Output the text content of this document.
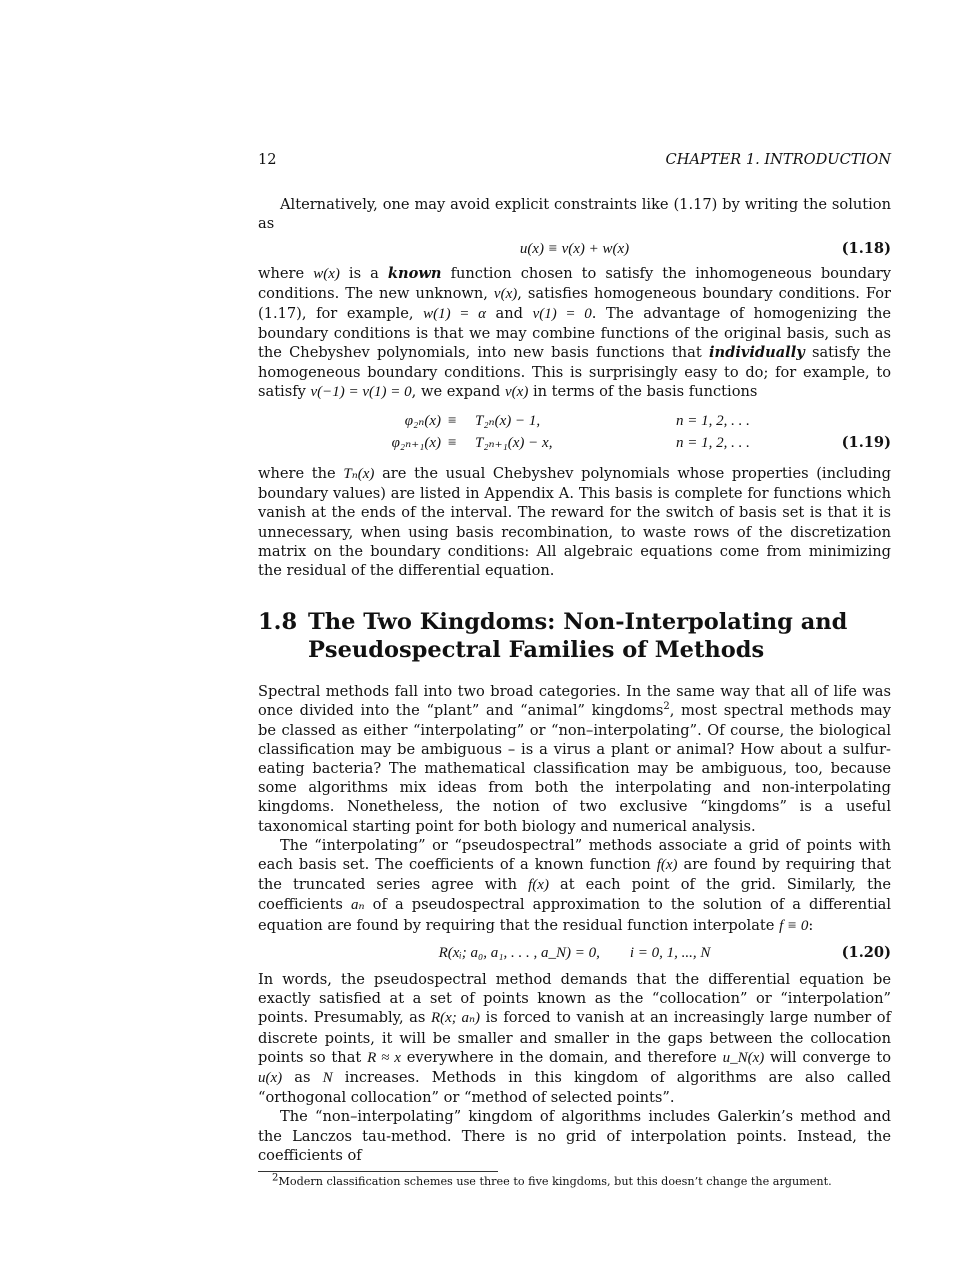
12	CHAPTER 1. INTRODUCTION

Alternatively, one may avoid explicit constraints like (1.17) by writing the solution as

u(x) ≡ v(x) + w(x)	(1.18)

where w(x) is a known function chosen to satisfy the inhomogeneous boundary conditions. The new unknown, v(x), satisfies homogeneous boundary conditions. For (1.17), for example, w(1) = α and v(1) = 0. The advantage of homogenizing the boundary conditions is that we may combine functions of the original basis, such as the Chebyshev polynomials, into new basis functions that individually satisfy the homogeneous boundary conditions. This is surprisingly easy to do; for example, to satisfy v(−1) = v(1) = 0, we expand v(x) in terms of the basis functions

φ₂ₙ(x) ≡ T₂ₙ(x) − 1,	n = 1, 2, . . .
φ₂ₙ₊₁(x) ≡ T₂ₙ₊₁(x) − x,	n = 1, 2, . . .	(1.19)

where the Tₙ(x) are the usual Chebyshev polynomials whose properties (including boundary values) are listed in Appendix A. This basis is complete for functions which vanish at the ends of the interval. The reward for the switch of basis set is that it is unnecessary, when using basis recombination, to waste rows of the discretization matrix on the boundary conditions: All algebraic equations come from minimizing the residual of the differential equation.

1.8 The Two Kingdoms: Non-Interpolating and Pseudospectral Families of Methods

Spectral methods fall into two broad categories. In the same way that all of life was once divided into the “plant” and “animal” kingdoms$^2$, most spectral methods may be classed as either “interpolating” or “non–interpolating”. Of course, the biological classification may be ambiguous – is a virus a plant or animal? How about a sulfur-eating bacteria? The mathematical classification may be ambiguous, too, because some algorithms mix ideas from both the interpolating and non-interpolating kingdoms. Nonetheless, the notion of two exclusive “kingdoms” is a useful taxonomical starting point for both biology and numerical analysis.

The “interpolating” or “pseudospectral” methods associate a grid of points with each basis set. The coefficients of a known function f(x) are found by requiring that the truncated series agree with f(x) at each point of the grid. Similarly, the coefficients aₙ of a pseudospectral approximation to the solution of a differential equation are found by requiring that the residual function interpolate f ≡ 0:

R(xᵢ; a₀, a₁, . . . , a_N) = 0,        i = 0, 1, ..., N	(1.20)

In words, the pseudospectral method demands that the differential equation be exactly satisfied at a set of points known as the “collocation” or “interpolation” points. Presumably, as R(x; aₙ) is forced to vanish at an increasingly large number of discrete points, it will be smaller and smaller in the gaps between the collocation points so that R ≈ x everywhere in the domain, and therefore u_N(x) will converge to u(x) as N increases. Methods in this kingdom of algorithms are also called “orthogonal collocation” or “method of selected points”.

The “non–interpolating” kingdom of algorithms includes Galerkin’s method and the Lanczos tau-method. There is no grid of interpolation points. Instead, the coefficients of

$^2$Modern classification schemes use three to five kingdoms, but this doesn’t change the argument.
